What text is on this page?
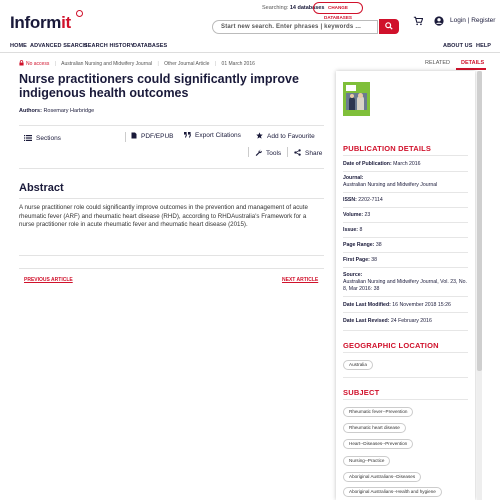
Informit
Searching: 14 databases CHANGE DATABASES
Start new search. Enter phrases | keywords ...
Login | Register
HOME ADVANCED SEARCH
SEARCH HISTORY
DATABASES	ABOUT US HELP
No access | Australian Nursing and Midwifery Journal | Other Journal Article | 01 March 2016	RELATED DETAILS
Nurse practitioners could significantly improve indigenous health outcomes
Authors: Rosemary Harbridge
Sections	PDF/EPUB	Export Citations	Add to Favourite
Tools	Share
Abstract

A nurse practitioner role could significantly improve outcomes in the prevention and management of acute rheumatic fever (ARF) and rheumatic heart disease (RHD), according to RHDAustralia's Framework for a nurse practitioner role in acute rheumatic fever and rheumatic heart disease (2015).

PREVIOUS ARTICLE	NEXT ARTICLE
PUBLICATION DETAILS
Date of Publication: March 2016
Journal:
Australian Nursing and Midwifery Journal
ISSN: 2202-7114
Volume: 23
Issue: 8
Page Range: 38
First Page: 38
Source:
Australian Nursing and Midwifery Journal, Vol. 23, No. 8, Mar 2016: 38
Date Last Modified: 16 November 2018 15:26
Date Last Revised: 24 February 2016
GEOGRAPHIC LOCATION
Australia
SUBJECT
Rheumatic fever--Prevention
Rheumatic heart disease
Heart--Diseases--Prevention
Nursing--Practice
Aboriginal Australians--Diseases
Aboriginal Australians--Health and hygiene
